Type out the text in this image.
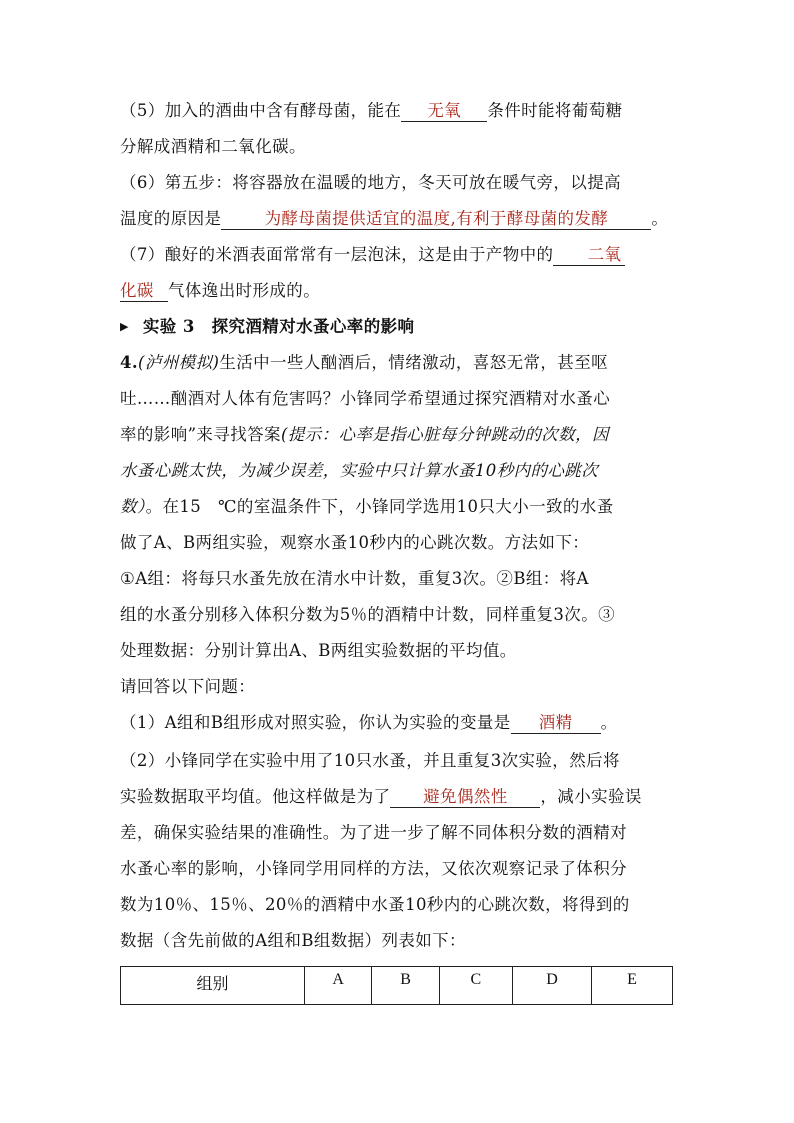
（5）加入的酒曲中含有酵母菌，能在 无氧 条件时能将葡萄糖
分解成酒精和二氧化碳。
（6）第五步：将容器放在温暖的地方，冬天可放在暖气旁，以提高
温度的原因是	为酵母菌提供适宜的温度,有利于酵母菌的发酵	。
（7）酿好的米酒表面常常有一层泡沫，这是由于产物中的 二氧
化碳 气体逸出时形成的。
▶ 实验 3　探究酒精对水蚤心率的影响
4.(泸州模拟)生活中一些人酗酒后，情绪激动，喜怒无常，甚至呕
吐……酗酒对人体有危害吗？小锋同学希望通过探究酒精对水蚤心
率的影响”来寻找答案(提示：心率是指心脏每分钟跳动的次数，因
水蚤心跳太快，为减少误差，实验中只计算水蚤10秒内的心跳次
数）。在15　℃的室温条件下，小锋同学选用10只大小一致的水蚤
做了A、B两组实验，观察水蚤10秒内的心跳次数。方法如下：
①A组：将每只水蚤先放在清水中计数，重复3次。②B组：将A
组的水蚤分别移入体积分数为5％的酒精中计数，同样重复3次。③
处理数据：分别计算出A、B两组实验数据的平均值。
请回答以下问题：
（1）A组和B组形成对照实验，你认为实验的变量是 酒精 。
（2）小锋同学在实验中用了10只水蚤，并且重复3次实验，然后将
实验数据取平均值。他这样做是为了 避免偶然性 ，减小实验误
差，确保实验结果的准确性。为了进一步了解不同体积分数的酒精对
水蚤心率的影响，小锋同学用同样的方法，又依次观察记录了体积分
数为10％、15％、20％的酒精中水蚤10秒内的心跳次数，将得到的
数据（含先前做的A组和B组数据）列表如下：
组别	A	B	C	D	E
